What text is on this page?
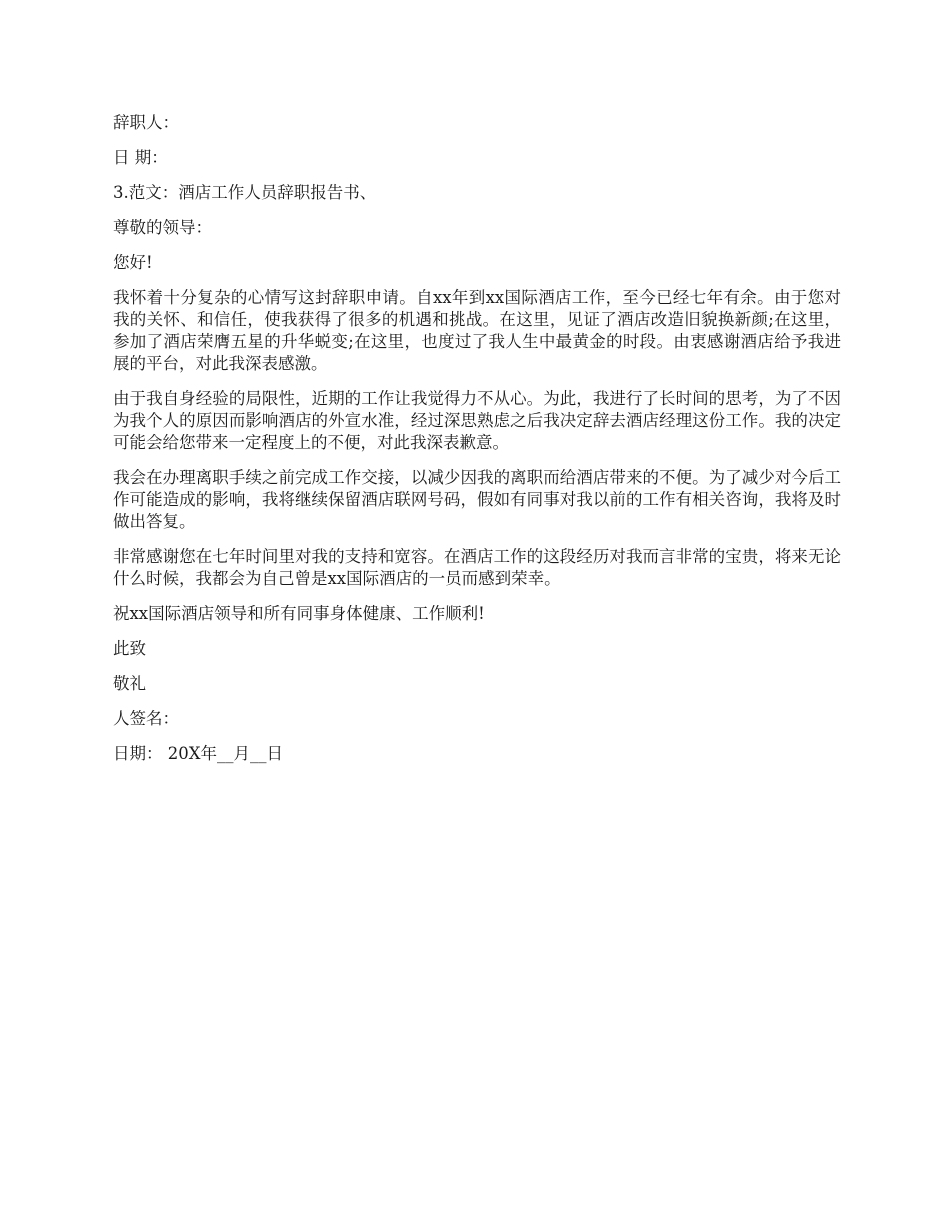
辞职人：

日 期：

3.范文：酒店工作人员辞职报告书、

尊敬的领导：

您好!

我怀着十分复杂的心情写这封辞职申请。自xx年到xx国际酒店工作，至今已经七年有余。由于您对我的关怀、和信任，使我获得了很多的机遇和挑战。在这里，见证了酒店改造旧貌换新颜;在这里，参加了酒店荣膺五星的升华蜕变;在这里，也度过了我人生中最黄金的时段。由衷感谢酒店给予我进展的平台，对此我深表感激。

由于我自身经验的局限性，近期的工作让我觉得力不从心。为此，我进行了长时间的思考，为了不因为我个人的原因而影响酒店的外宣水准，经过深思熟虑之后我决定辞去酒店经理这份工作。我的决定可能会给您带来一定程度上的不便，对此我深表歉意。

我会在办理离职手续之前完成工作交接，以减少因我的离职而给酒店带来的不便。为了减少对今后工作可能造成的影响，我将继续保留酒店联网号码，假如有同事对我以前的工作有相关咨询，我将及时做出答复。

非常感谢您在七年时间里对我的支持和宽容。在酒店工作的这段经历对我而言非常的宝贵，将来无论什么时候，我都会为自己曾是xx国际酒店的一员而感到荣幸。

祝xx国际酒店领导和所有同事身体健康、工作顺利!

此致

敬礼

人签名：

日期： 20X年__月__日
